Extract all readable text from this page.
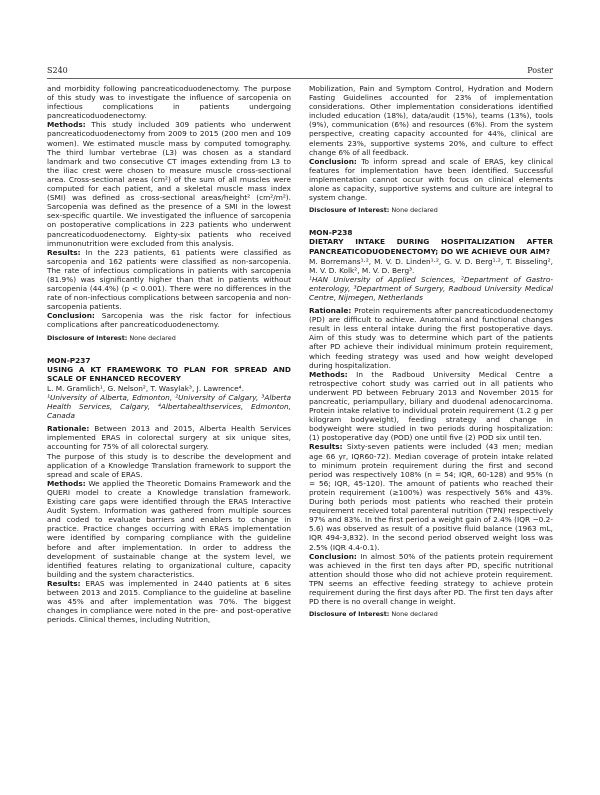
S240	Poster

and morbidity following pancreaticoduodenectomy. The purpose of this study was to investigate the influence of sarcopenia on infectious complications in patients undergoing pancreaticoduodenectomy.

Methods: This study included 309 patients who underwent pancreaticoduodenectomy from 2009 to 2015 (200 men and 109 women). We estimated muscle mass by computed tomography. The third lumbar vertebrae (L3) was chosen as a standard landmark and two consecutive CT images extending from L3 to the iliac crest were chosen to measure muscle cross-sectional area. Cross-sectional areas (cm²) of the sum of all muscles were computed for each patient, and a skeletal muscle mass index (SMI) was defined as cross-sectional areas/height² (cm²/m²). Sarcopenia was defined as the presence of a SMI in the lowest sex-specific quartile. We investigated the influence of sarcopenia on postoperative complications in 223 patients who underwent pancreaticoduodenectomy. Eighty-six patients who received immunonutrition were excluded from this analysis.

Results: In the 223 patients, 61 patients were classified as sarcopenia and 162 patients were classified as non-sarcopenia. The rate of infectious complications in patients with sarcopenia (81.9%) was significantly higher than that in patients without sarcopenia (44.4%) (p < 0.001). There were no differences in the rate of non-infectious complications between sarcopenia and non-sarcopenia patients.

Conclusion: Sarcopenia was the risk factor for infectious complications after pancreaticoduodenectomy.

Disclosure of Interest: None declared

MON-P237

USING A KT FRAMEWORK TO PLAN FOR SPREAD AND SCALE OF ENHANCED RECOVERY

L. M. Gramlich¹, G. Nelson², T. Wasylak³, J. Lawrence⁴.

¹University of Alberta, Edmonton, ²University of Calgary, ³Alberta Health Services, Calgary, ⁴Albertahealthservices, Edmonton, Canada

Rationale: Between 2013 and 2015, Alberta Health Services implemented ERAS in colorectal surgery at six unique sites, accounting for 75% of all colorectal surgery.

The purpose of this study is to describe the development and application of a Knowledge Translation framework to support the spread and scale of ERAS.

Methods: We applied the Theoretic Domains Framework and the QUERI model to create a Knowledge translation framework. Existing care gaps were identified through the ERAS Interactive Audit System. Information was gathered from multiple sources and coded to evaluate barriers and enablers to change in practice. Practice changes occurring with ERAS implementation were identified by comparing compliance with the guideline before and after implementation. In order to address the development of sustainable change at the system level, we identified features relating to organizational culture, capacity building and the system characteristics.

Results: ERAS was implemented in 2440 patients at 6 sites between 2013 and 2015. Compliance to the guideline at baseline was 45% and after implementation was 70%. The biggest changes in compliance were noted in the pre- and post-operative periods. Clinical themes, including Nutrition,

Mobilization, Pain and Symptom Control, Hydration and Modern Fasting Guidelines accounted for 23% of implementation considerations. Other implementation considerations identified included education (18%), data/audit (15%), teams (13%), tools (9%), communication (6%) and resources (6%). From the system perspective, creating capacity accounted for 44%, clinical are elements 23%, supportive systems 20%, and culture to effect change 6% of all feedback.

Conclusion: To inform spread and scale of ERAS, key clinical features for implementation have been identified. Successful implementation cannot occur with focus on clinical elements alone as capacity, supportive systems and culture are integral to system change.

Disclosure of Interest: None declared

MON-P238

DIETARY INTAKE DURING HOSPITALIZATION AFTER PANCREATICODUODENECTOMY; DO WE ACHIEVE OUR AIM?

M. Borremans¹·², M. V. D. Linden¹·², G. V. D. Berg¹·², T. Bisseling², M. V. D. Kolk², M. V. D. Berg³.

¹HAN University of Applied Sciences, ²Department of Gastro-enterology, ³Department of Surgery, Radboud University Medical Centre, Nijmegen, Netherlands

Rationale: Protein requirements after pancreaticoduodenectomy (PD) are difficult to achieve. Anatomical and functional changes result in less enteral intake during the first postoperative days. Aim of this study was to determine which part of the patients after PD achieve their individual minimum protein requirement, which feeding strategy was used and how weight developed during hospitalization.

Methods: In the Radboud University Medical Centre a retrospective cohort study was carried out in all patients who underwent PD between February 2013 and November 2015 for pancreatic, periampullary, biliary and duodenal adenocarcinoma. Protein intake relative to individual protein requirement (1.2 g per kilogram bodyweight), feeding strategy and change in bodyweight were studied in two periods during hospitalization: (1) postoperative day (POD) one until five (2) POD six until ten.

Results: Sixty-seven patients were included (43 men; median age 66 yr, IQR60-72). Median coverage of protein intake related to minimum protein requirement during the first and second period was respectively 108% (n = 54; IQR, 60-128) and 95% (n = 56; IQR, 45-120). The amount of patients who reached their protein requirement (≥100%) was respectively 56% and 43%. During both periods most patients who reached their protein requirement received total parenteral nutrition (TPN) respectively 97% and 83%. In the first period a weight gain of 2.4% (IQR −0.2-5.6) was observed as result of a positive fluid balance (1963 mL, IQR 494-3,832). In the second period observed weight loss was 2.5% (IQR 4.4-0.1).

Conclusion: In almost 50% of the patients protein requirement was achieved in the first ten days after PD, specific nutritional attention should those who did not achieve protein requirement. TPN seems an effective feeding strategy to achieve protein requirement during the first days after PD. The first ten days after PD there is no overall change in weight.

Disclosure of Interest: None declared
